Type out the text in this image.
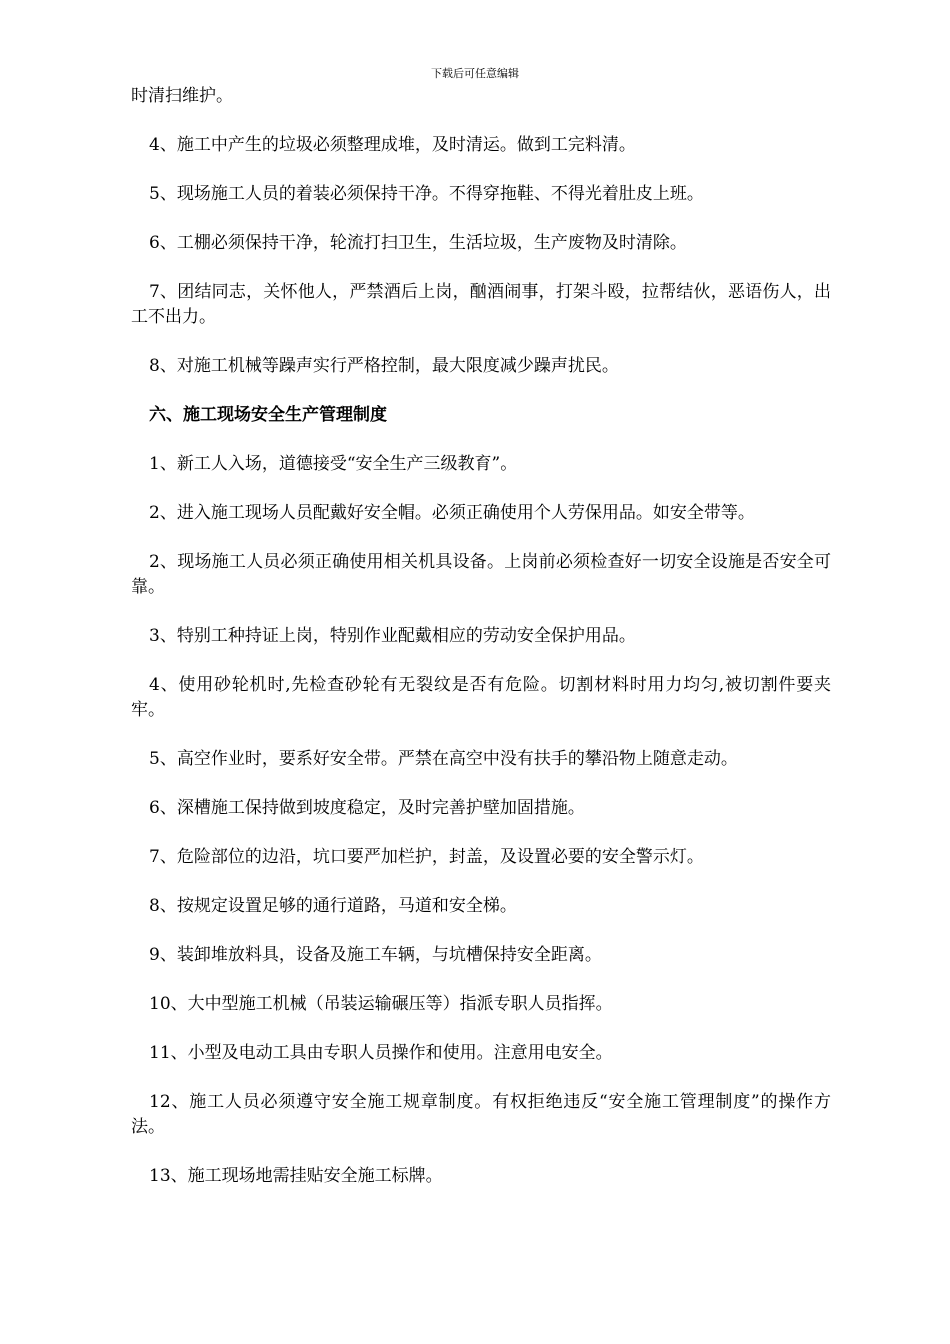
下载后可任意编辑

时清扫维护。

4、施工中产生的垃圾必须整理成堆，及时清运。做到工完料清。

5、现场施工人员的着装必须保持干净。不得穿拖鞋、不得光着肚皮上班。

6、工棚必须保持干净，轮流打扫卫生，生活垃圾，生产废物及时清除。

7、团结同志，关怀他人，严禁酒后上岗，酗酒闹事，打架斗殴，拉帮结伙，恶语伤人，出工不出力。

8、对施工机械等躁声实行严格控制，最大限度减少躁声扰民。

六、施工现场安全生产管理制度

1、新工人入场，道德接受“安全生产三级教育”。

2、进入施工现场人员配戴好安全帽。必须正确使用个人劳保用品。如安全带等。

2、现场施工人员必须正确使用相关机具设备。上岗前必须检查好一切安全设施是否安全可靠。

3、特别工种持证上岗，特别作业配戴相应的劳动安全保护用品。

4、使用砂轮机时,先检查砂轮有无裂纹是否有危险。切割材料时用力均匀,被切割件要夹牢。

5、高空作业时，要系好安全带。严禁在高空中没有扶手的攀沿物上随意走动。

6、深槽施工保持做到坡度稳定，及时完善护壁加固措施。

7、危险部位的边沿，坑口要严加栏护，封盖，及设置必要的安全警示灯。

8、按规定设置足够的通行道路，马道和安全梯。

9、装卸堆放料具，设备及施工车辆，与坑槽保持安全距离。

10、大中型施工机械（吊装运输碾压等）指派专职人员指挥。

11、小型及电动工具由专职人员操作和使用。注意用电安全。

12、施工人员必须遵守安全施工规章制度。有权拒绝违反“安全施工管理制度”的操作方法。

13、施工现场地需挂贴安全施工标牌。
